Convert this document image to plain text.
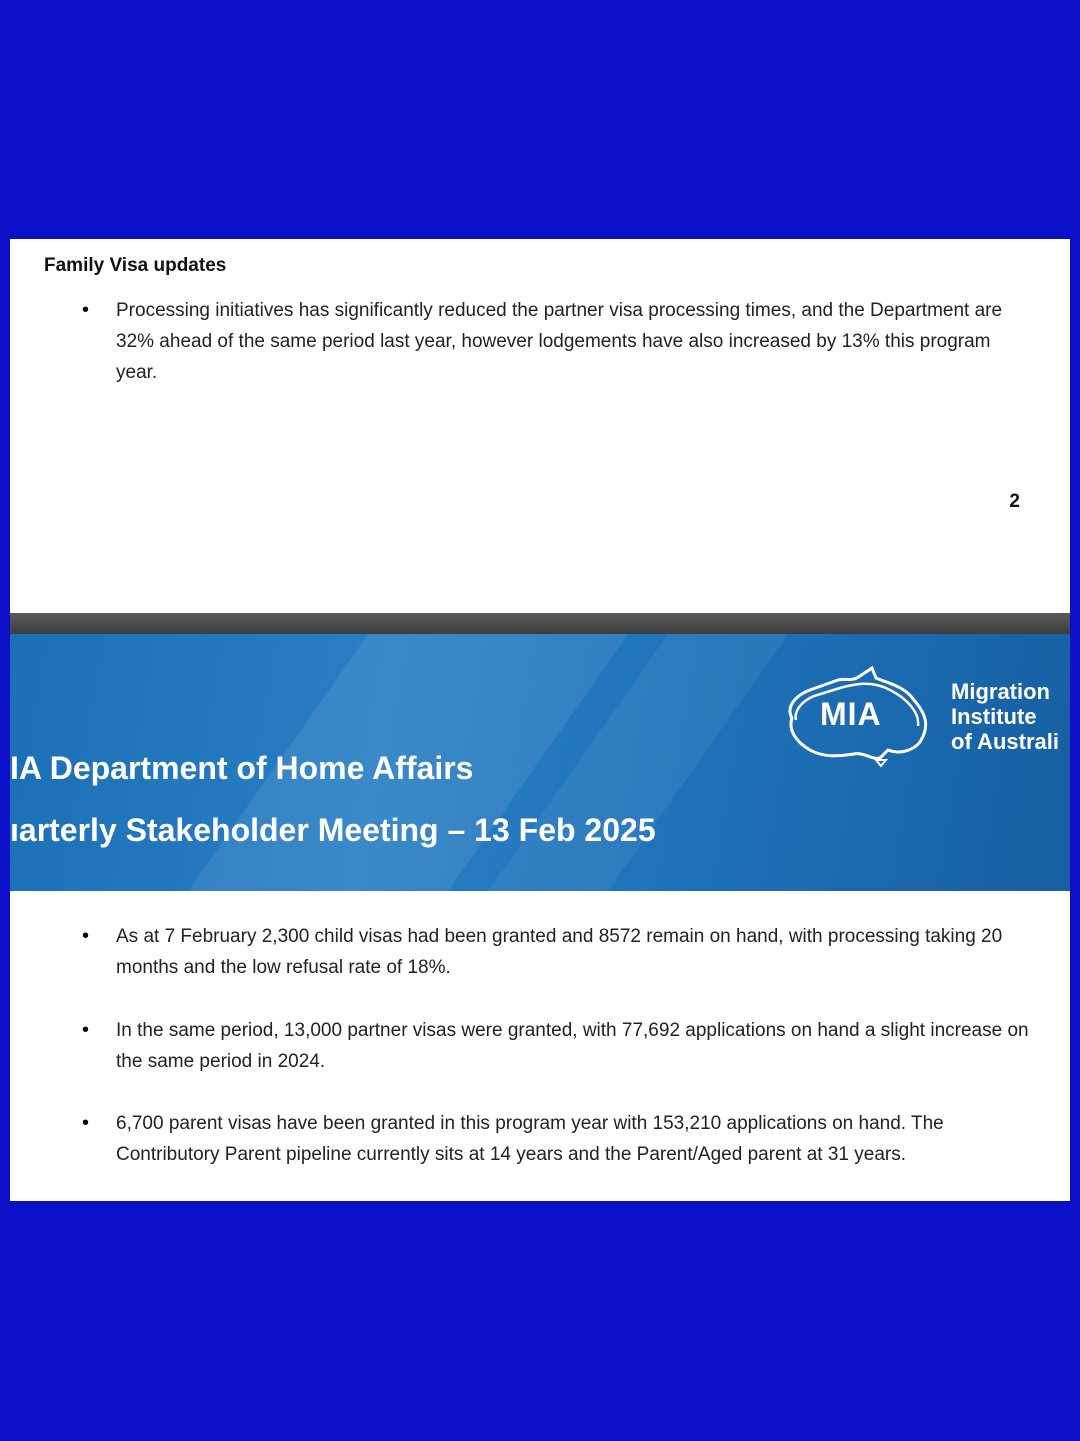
Family Visa updates
•	Processing initiatives has significantly reduced the partner visa processing times, and the Department are 32% ahead of the same period last year, however lodgements have also increased by 13% this program year.
2
IA Department of Home Affairs
ıarterly Stakeholder Meeting – 13 Feb 2025
MIA
Migration
Institute
of Australi
•	As at 7 February 2,300 child visas had been granted and 8572 remain on hand, with processing taking 20 months and the low refusal rate of 18%.
•	In the same period, 13,000 partner visas were granted, with 77,692 applications on hand a slight increase on the same period in 2024.
•	6,700 parent visas have been granted in this program year with 153,210 applications on hand. The Contributory Parent pipeline currently sits at 14 years and the Parent/Aged parent at 31 years.
